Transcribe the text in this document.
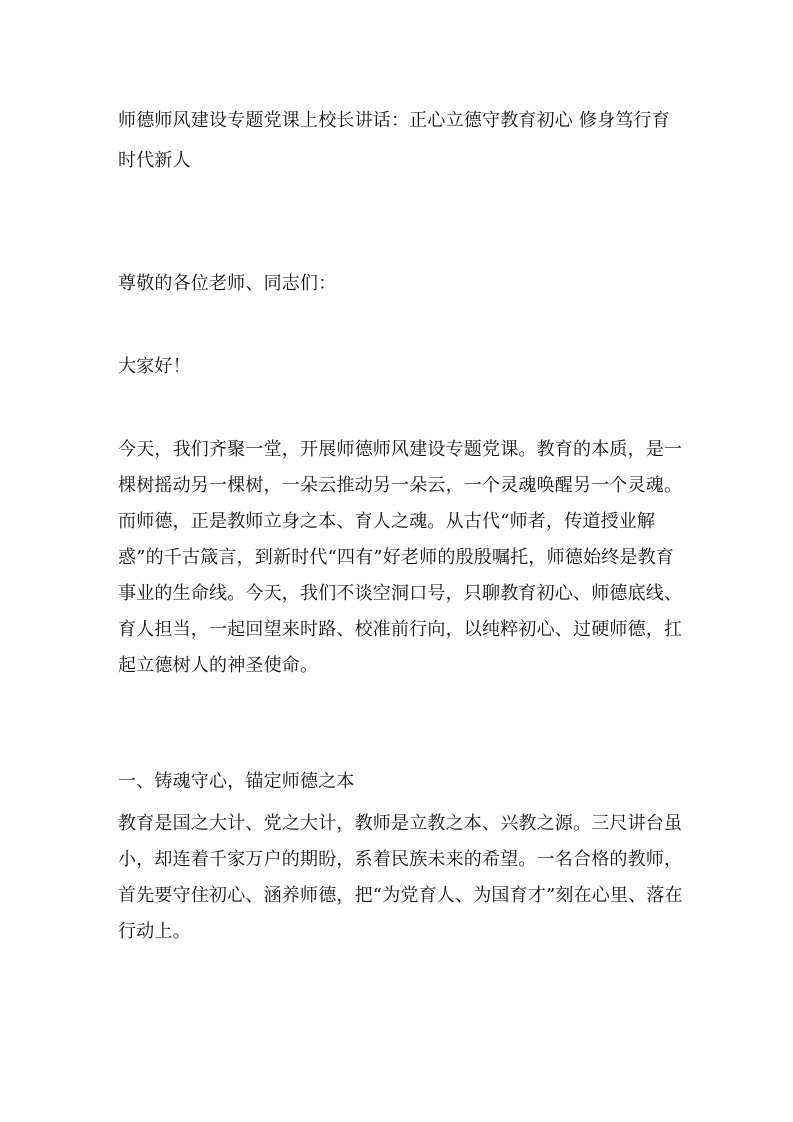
师德师风建设专题党课上校长讲话：正心立德守教育初心 修身笃行育时代新人

尊敬的各位老师、同志们：

大家好！

今天，我们齐聚一堂，开展师德师风建设专题党课。教育的本质，是一棵树摇动另一棵树，一朵云推动另一朵云，一个灵魂唤醒另一个灵魂。而师德，正是教师立身之本、育人之魂。从古代“师者，传道授业解惑”的千古箴言，到新时代“四有”好老师的殷殷嘱托，师德始终是教育事业的生命线。今天，我们不谈空洞口号，只聊教育初心、师德底线、育人担当，一起回望来时路、校准前行向，以纯粹初心、过硬师德，扛起立德树人的神圣使命。

一、铸魂守心，锚定师德之本

教育是国之大计、党之大计，教师是立教之本、兴教之源。三尺讲台虽小，却连着千家万户的期盼，系着民族未来的希望。一名合格的教师，首先要守住初心、涵养师德，把“为党育人、为国育才”刻在心里、落在行动上。
